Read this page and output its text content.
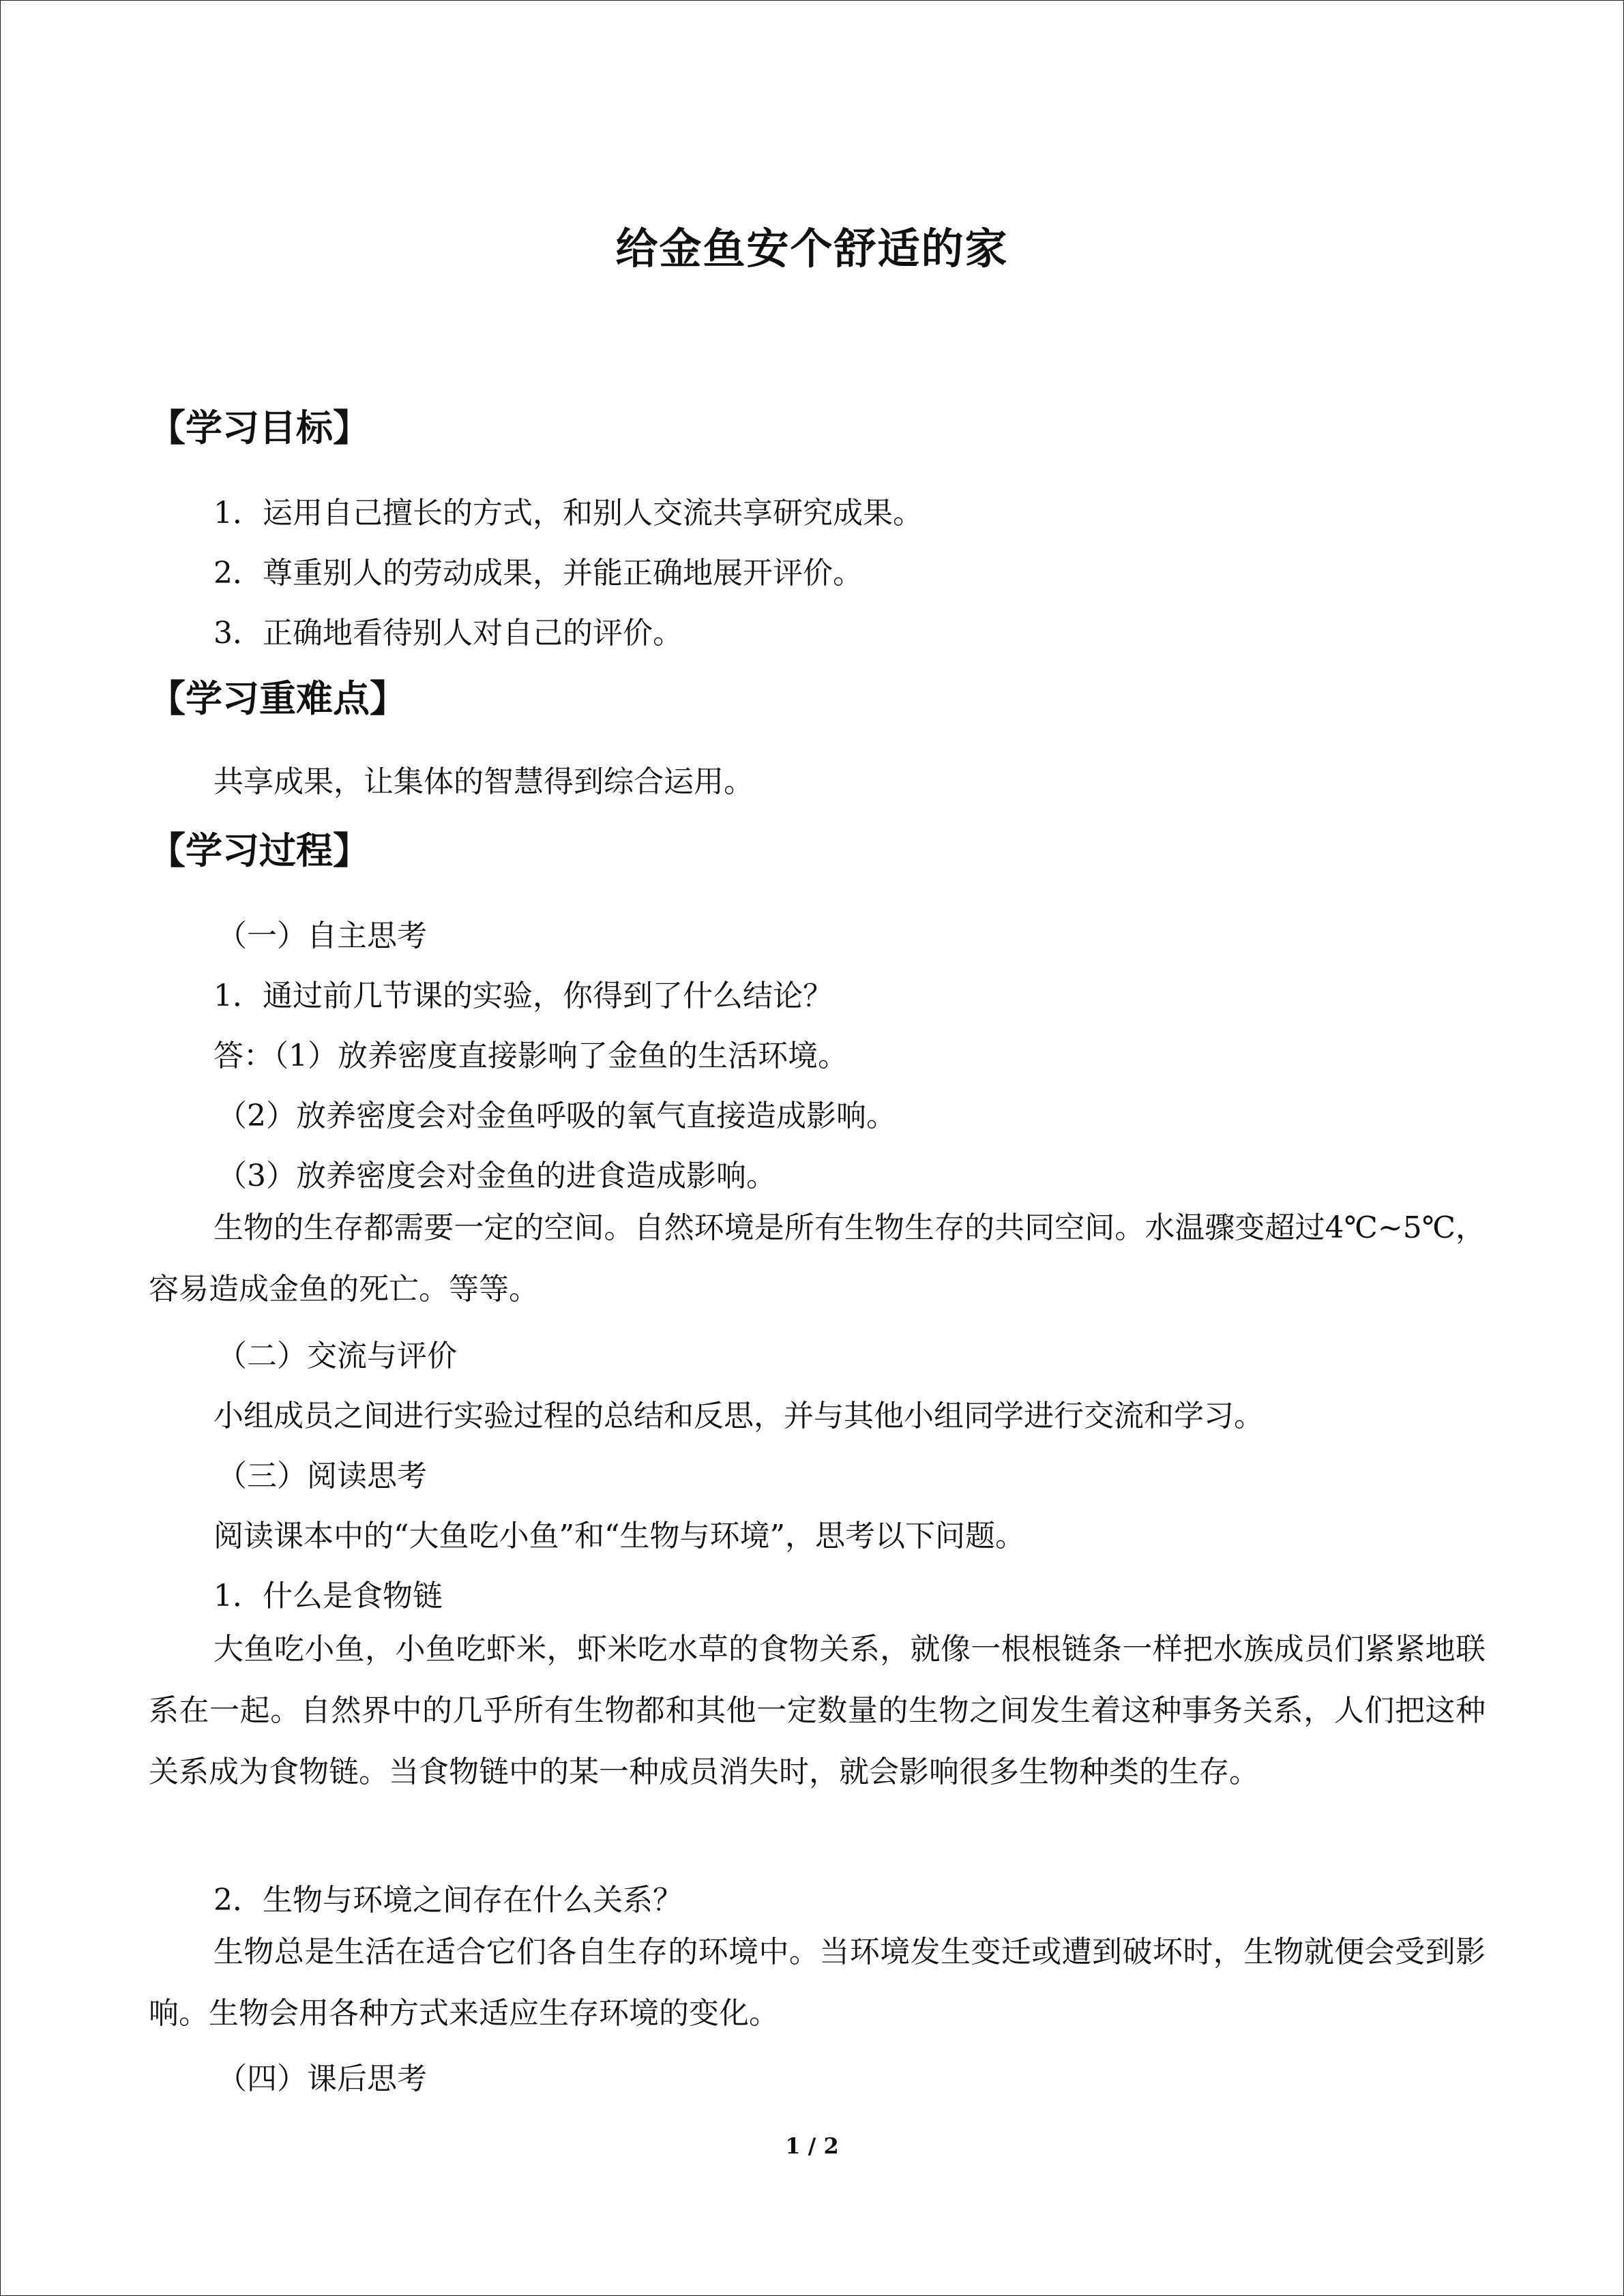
给金鱼安个舒适的家
【学习目标】
1．运用自己擅长的方式，和别人交流共享研究成果。
2．尊重别人的劳动成果，并能正确地展开评价。
3．正确地看待别人对自己的评价。
【学习重难点】
共享成果，让集体的智慧得到综合运用。
【学习过程】
（一）自主思考
1．通过前几节课的实验，你得到了什么结论？
答：（1）放养密度直接影响了金鱼的生活环境。
（2）放养密度会对金鱼呼吸的氧气直接造成影响。
（3）放养密度会对金鱼的进食造成影响。
生物的生存都需要一定的空间。自然环境是所有生物生存的共同空间。水温骤变超过4℃~5℃，容易造成金鱼的死亡。等等。
（二）交流与评价
小组成员之间进行实验过程的总结和反思，并与其他小组同学进行交流和学习。
（三）阅读思考
阅读课本中的“大鱼吃小鱼”和“生物与环境”，思考以下问题。
1．什么是食物链
大鱼吃小鱼，小鱼吃虾米，虾米吃水草的食物关系，就像一根根链条一样把水族成员们紧紧地联系在一起。自然界中的几乎所有生物都和其他一定数量的生物之间发生着这种事务关系，人们把这种关系成为食物链。当食物链中的某一种成员消失时，就会影响很多生物种类的生存。
2．生物与环境之间存在什么关系？
生物总是生活在适合它们各自生存的环境中。当环境发生变迁或遭到破坏时，生物就便会受到影响。生物会用各种方式来适应生存环境的变化。
（四）课后思考
1 / 2
